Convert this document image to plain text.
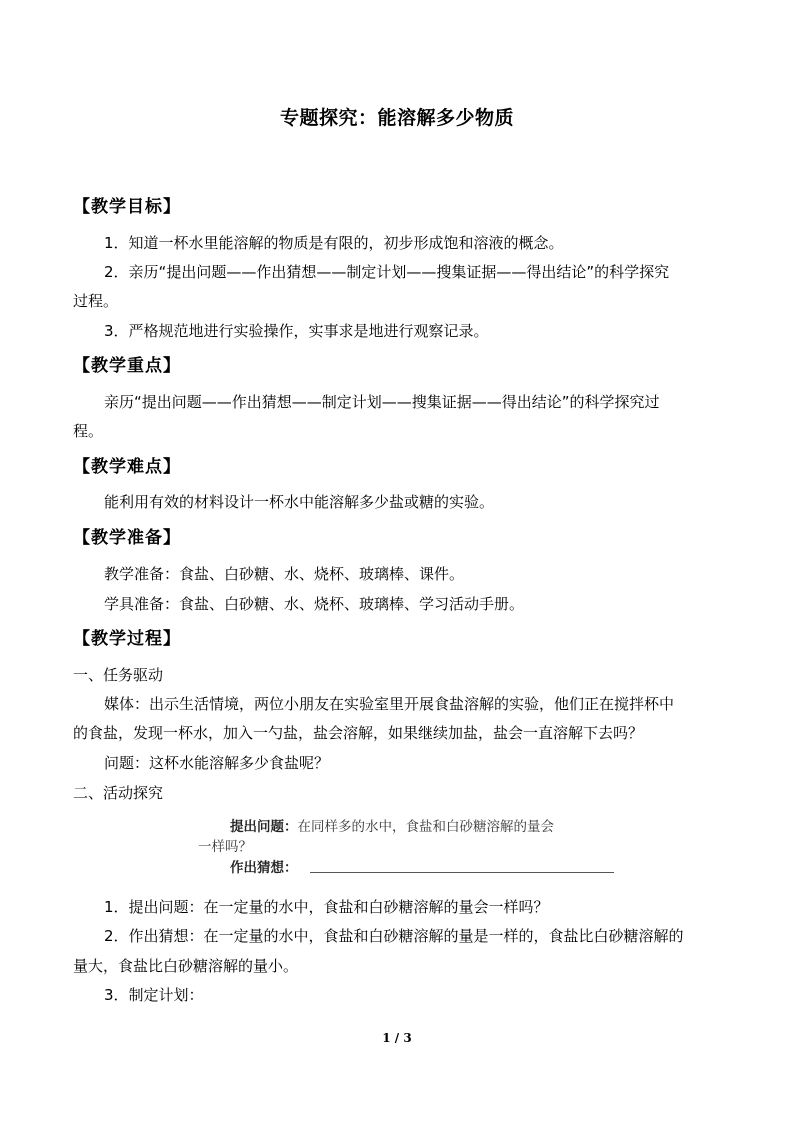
专题探究：能溶解多少物质
【教学目标】
1．知道一杯水里能溶解的物质是有限的，初步形成饱和溶液的概念。
2．亲历“提出问题——作出猜想——制定计划——搜集证据——得出结论”的科学探究
过程。
3．严格规范地进行实验操作，实事求是地进行观察记录。
【教学重点】
亲历“提出问题——作出猜想——制定计划——搜集证据——得出结论”的科学探究过
程。
【教学难点】
能利用有效的材料设计一杯水中能溶解多少盐或糖的实验。
【教学准备】
教学准备：食盐、白砂糖、水、烧杯、玻璃棒、课件。
学具准备：食盐、白砂糖、水、烧杯、玻璃棒、学习活动手册。
【教学过程】
一、任务驱动
媒体：出示生活情境，两位小朋友在实验室里开展食盐溶解的实验，他们正在搅拌杯中
的食盐，发现一杯水，加入一勺盐，盐会溶解，如果继续加盐，盐会一直溶解下去吗？
问题：这杯水能溶解多少食盐呢？
二、活动探究
提出问题：在同样多的水中，食盐和白砂糖溶解的量会
一样吗？
作出猜想：
1．提出问题：在一定量的水中，食盐和白砂糖溶解的量会一样吗？
2．作出猜想：在一定量的水中，食盐和白砂糖溶解的量是一样的，食盐比白砂糖溶解的
量大，食盐比白砂糖溶解的量小。
3．制定计划：
1 / 3
